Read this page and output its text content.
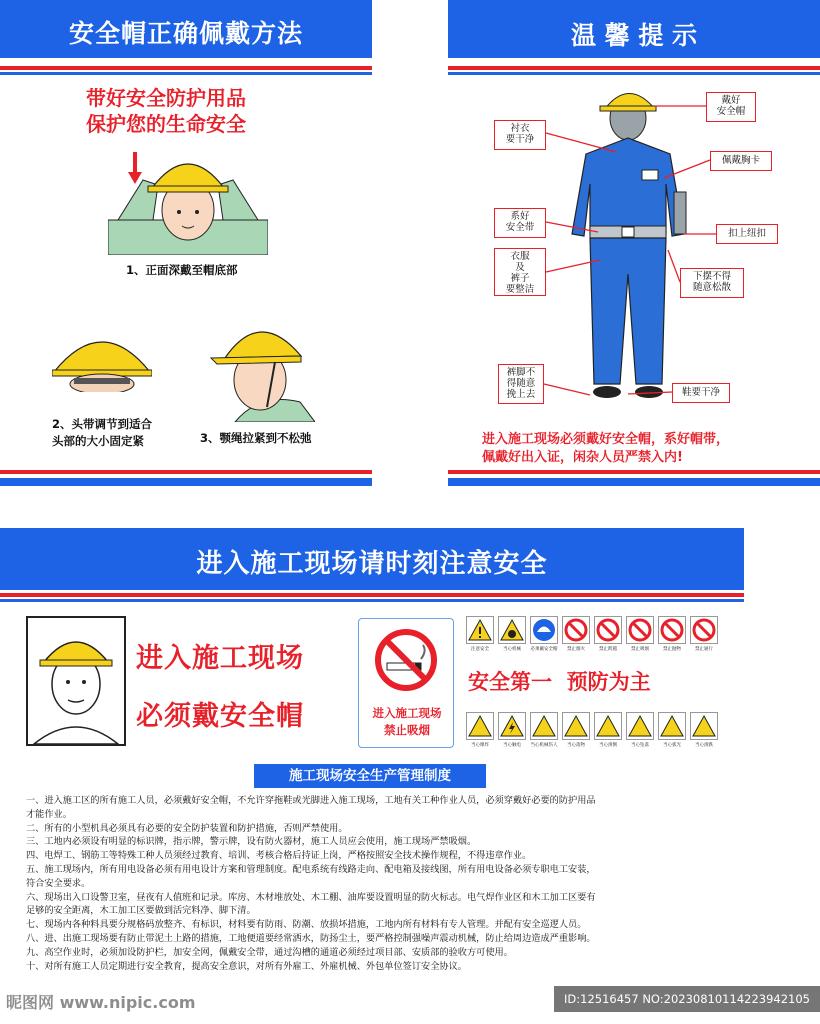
安全帽正确佩戴方法
带好安全防护用品
保护您的生命安全
1、正面深戴至帽底部
2、头带调节到适合
头部的大小固定紧	3、颚绳拉紧到不松弛
温 馨 提 示
戴好
安全帽
衬衣
要干净
佩戴胸卡
系好
安全带
扣上纽扣
衣服
及
裤子
要整洁
下摆不得
随意松散
裤脚不
得随意
挽上去	鞋要干净
进入施工现场必须戴好安全帽，系好帽带，
佩戴好出入证，闲杂人员严禁入内!
进入施工现场请时刻注意安全
进入施工现场
必须戴安全帽	进入施工现场
禁止吸烟
注意安全	当心机械	必须戴安全帽	禁止烟火	禁止跨越	禁止吸烟	禁止抛物	禁止通行
安全第一  预防为主
当心爆炸	当心触电	当心机械伤人	当心落物	当心滑倒	当心坠落	当心弧光	当心滑跌
施工现场安全生产管理制度

一、进入施工区的所有施工人员，必须戴好安全帽，不允许穿拖鞋或光脚进入施工现场，工地有关工种作业人员，必须穿戴好必要的防护用品

才能作业。

二、所有的小型机具必须具有必要的安全防护装置和防护措施，否则严禁使用。

三、工地内必须设有明显的标识牌，指示牌，警示牌，设有防火器材，施工人员应会使用，施工现场严禁吸烟。

四、电焊工、钢筋工等特殊工种人员须经过教育、培训、考核合格后持证上岗，严格按照安全技术操作规程，不得违章作业。

五、施工现场内，所有用电设备必须有用电设计方案和管理制度。配电系统有线路走向、配电箱及接线图，所有用电设备必须专职电工安装，

符合安全要求。

六、现场出入口设警卫室，昼夜有人值班和记录。库房、木材堆放处、木工棚、油库要设置明显的防火标志。电气焊作业区和木工加工区要有

足够的安全距离，木工加工区要做到活完料净、脚下清。

七、现场内各种料具要分规格码放整齐、有标识，材料要有防雨、防潮、放损坏措施，工地内所有材料有专人管理。并配有安全巡逻人员。

八、进、出施工现场要有防止带泥土上路的措施，工地便道要经常洒水，防扬尘土，要严格控制强噪声震动机械，防止给周边造成严重影响。

九、高空作业时，必须加设防护栏，加安全网，佩戴安全带，通过沟槽的通道必须经过项目部、安质部的验收方可使用。

十、对所有施工人员定期进行安全教育，提高安全意识，对所有外雇工、外雇机械、外包单位签订安全协议。

昵图网 www.nipic.com	ID:12516457 NO:20230810114223942105
